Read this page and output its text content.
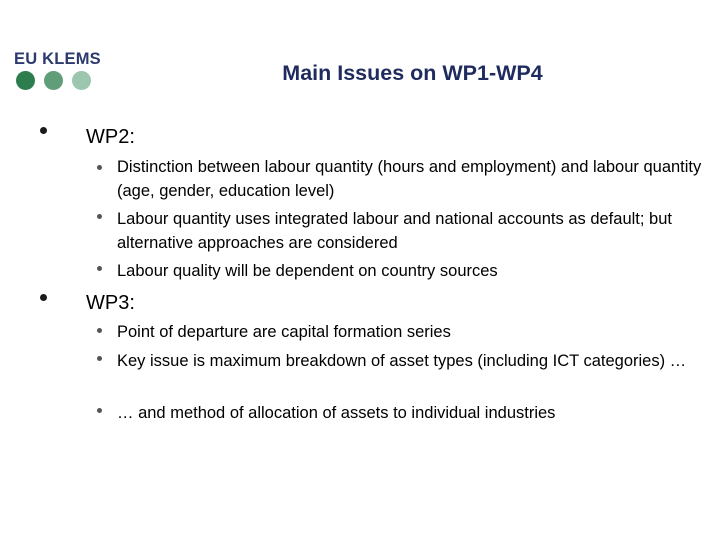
EU KLEMS
Main Issues on WP1-WP4
WP2:
Distinction between labour quantity (hours and employment) and labour quantity (age, gender, education level)
Labour quantity uses integrated labour and national accounts as default; but alternative approaches are considered
Labour quality will be dependent on country sources
WP3:
Point of departure are capital formation series
Key issue is maximum breakdown of asset types (including ICT categories) …
… and method of allocation of assets to individual industries
